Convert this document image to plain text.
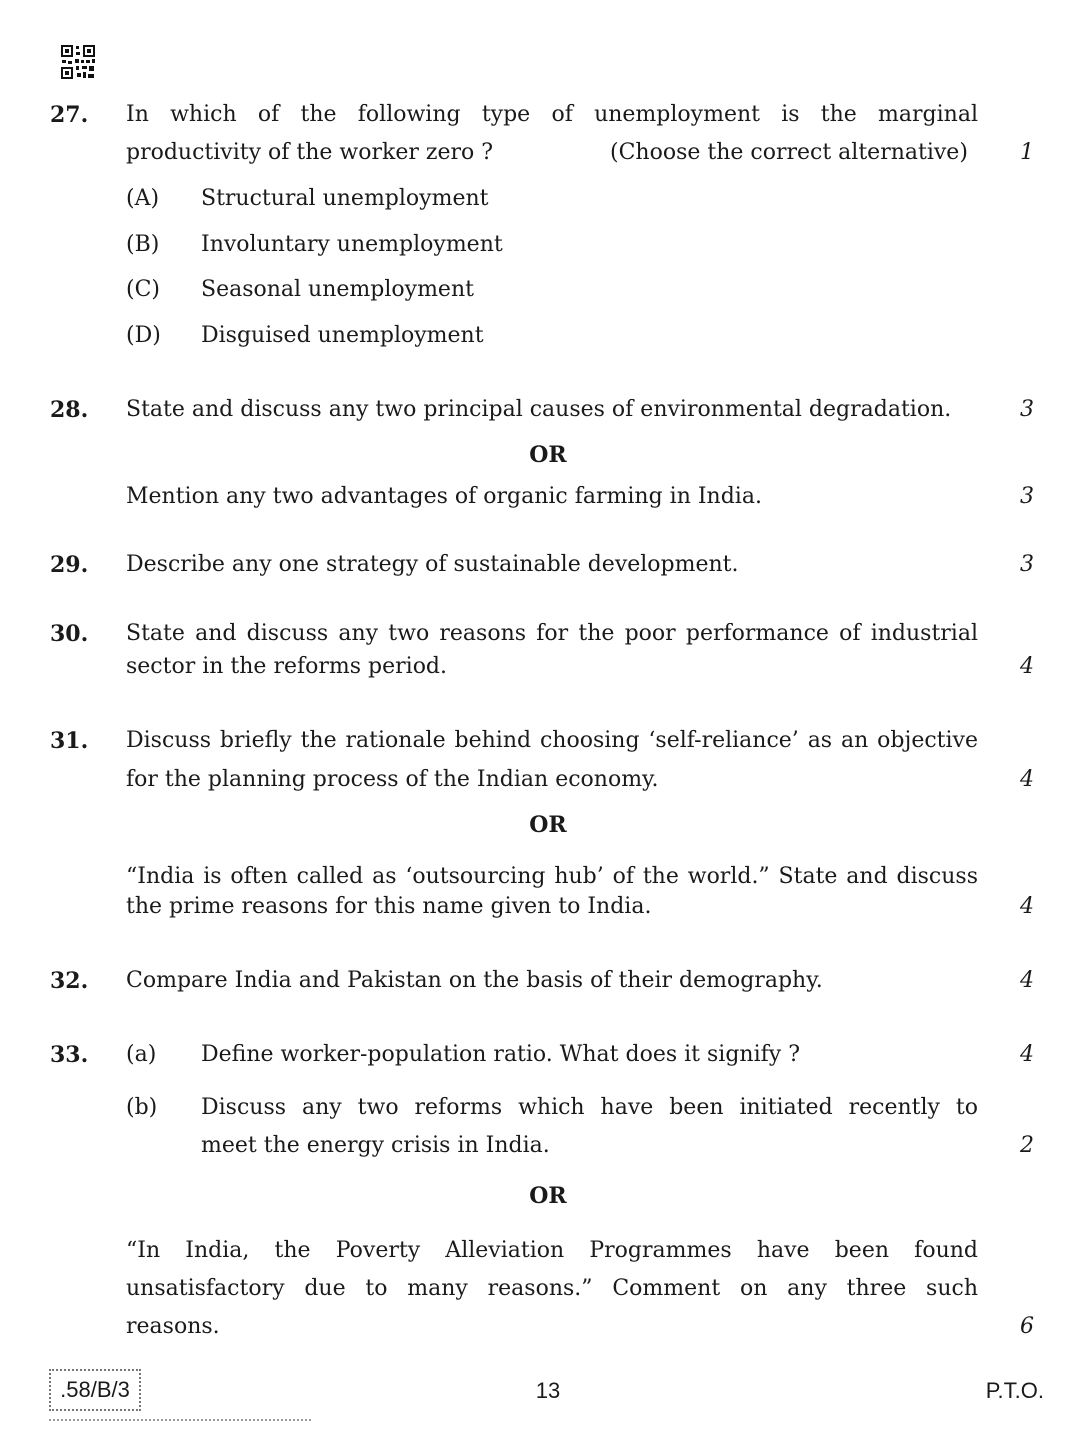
27. In which of the following type of unemployment is the marginal
productivity of the worker zero ?	(Choose the correct alternative) 1
(A) Structural unemployment
(B) Involuntary unemployment
(C) Seasonal unemployment
(D) Disguised unemployment
28. State and discuss any two principal causes of environmental degradation.	3
OR
Mention any two advantages of organic farming in India.	3
29. Describe any one strategy of sustainable development.	3
30. State and discuss any two reasons for the poor performance of industrial
sector in the reforms period.	4
31. Discuss briefly the rationale behind choosing ‘self-reliance’ as an objective
for the planning process of the Indian economy.	4
OR
“India is often called as ‘outsourcing hub’ of the world.” State and discuss
the prime reasons for this name given to India.	4
32. Compare India and Pakistan on the basis of their demography.	4
33. (a) Define worker-population ratio. What does it signify ?	4
(b) Discuss any two reforms which have been initiated recently to
meet the energy crisis in India.	2
OR
“In India, the Poverty Alleviation Programmes have been found
unsatisfactory due to many reasons.” Comment on any three such
reasons.	6
.58/B/3	13	P.T.O.
